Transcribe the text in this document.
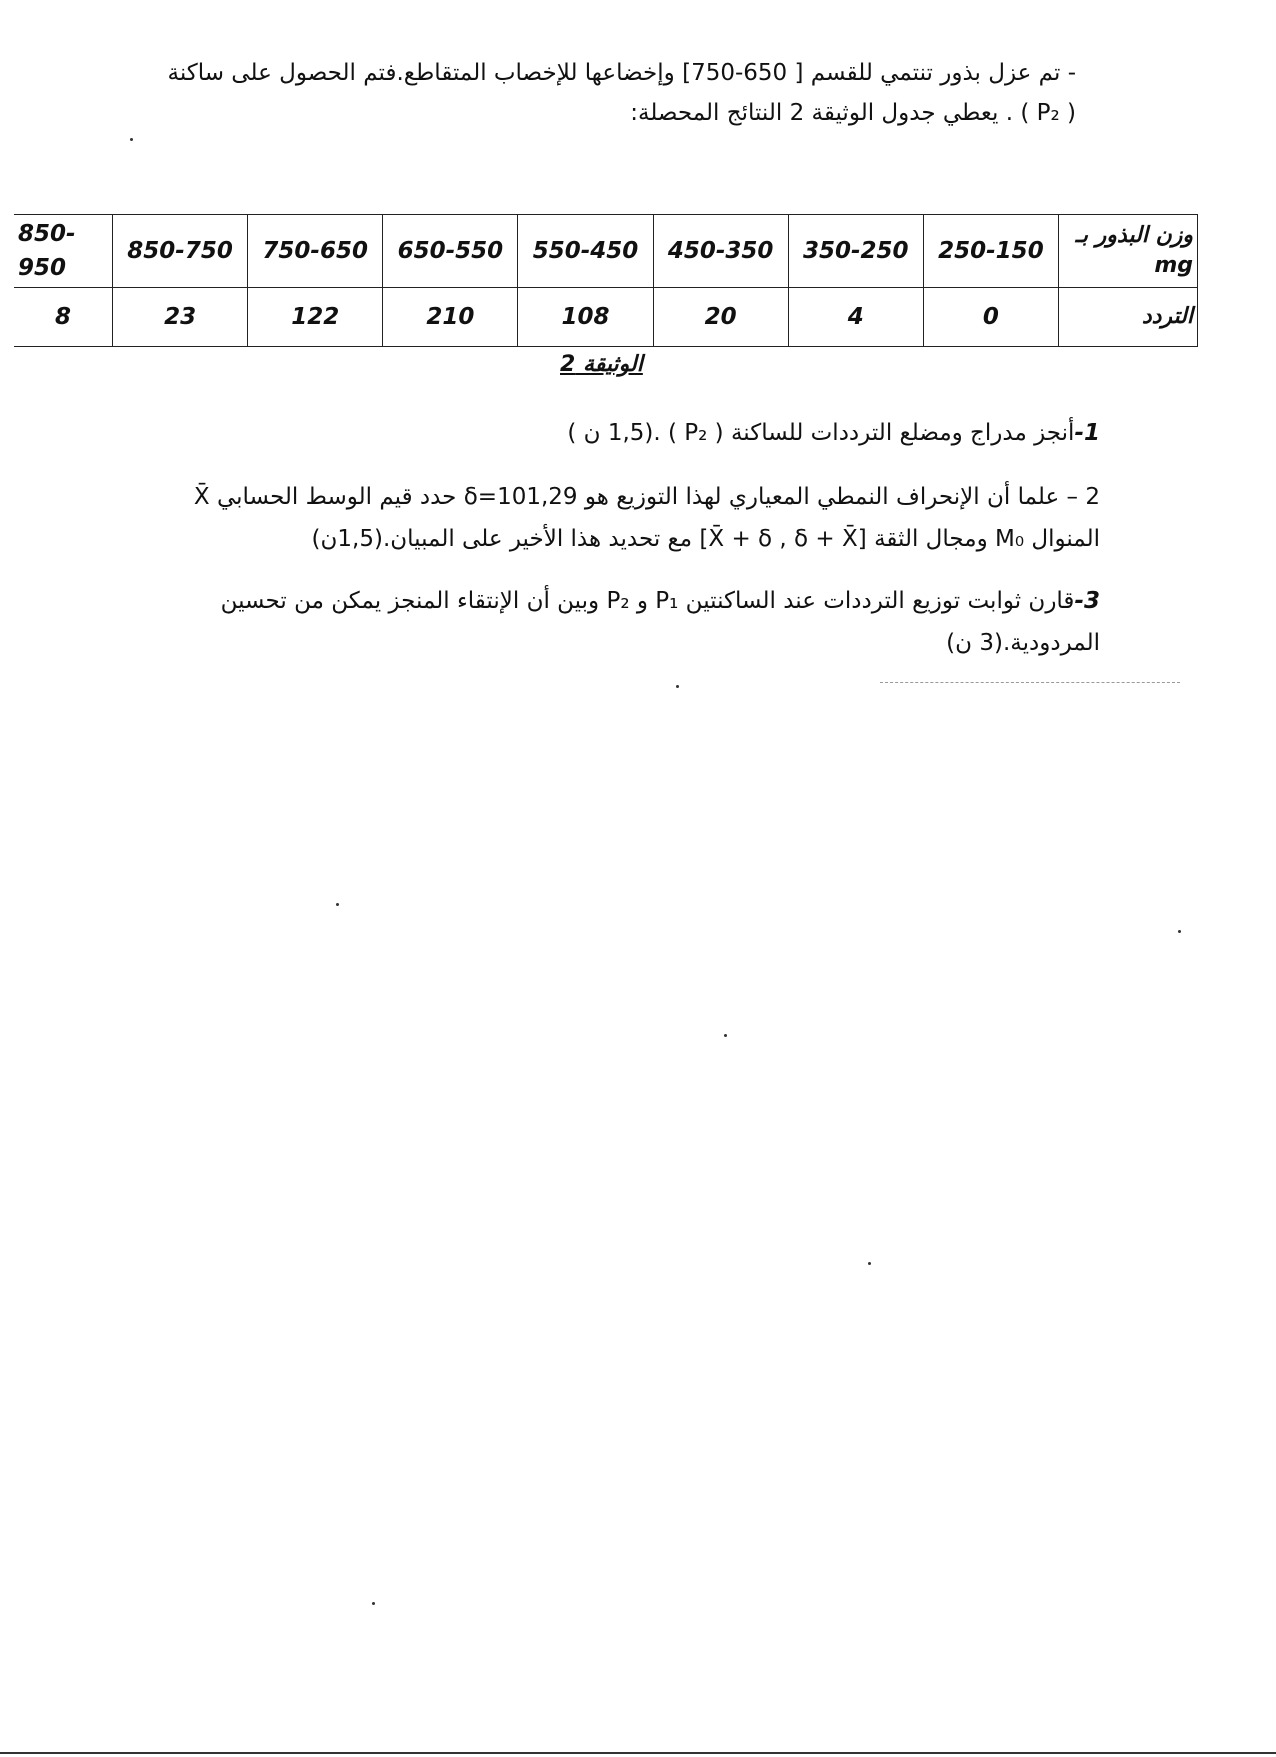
- تم عزل بذور تنتمي للقسم [ 650-750] وإخضاعها للإخصاب المتقاطع.فتم الحصول على ساكنة
( P₂ ) . يعطي جدول الوثيقة 2 النتائج المحصلة:
850-950	850-750	750-650	650-550	550-450	450-350	350-250	250-150	وزن البذور بـ mg
8	23	122	210	108	20	4	0	التردد
الوثيقة 2
1-أنجز مدراج ومضلع الترددات للساكنة ( P₂ ) .(1,5 ن )
2 – علما أن الإنحراف النمطي المعياري لهذا التوزيع هو 101,29=δ حدد قيم الوسط الحسابي X̄
المنوال M₀ ومجال الثقة [X̄ + δ , δ + X̄] مع تحديد هذا الأخير على المبيان.(1,5ن)
3-قارن ثوابت توزيع الترددات عند الساكنتين P₁ و P₂ وبين أن الإنتقاء المنجز يمكن من تحسين
المردودية.(3 ن)
